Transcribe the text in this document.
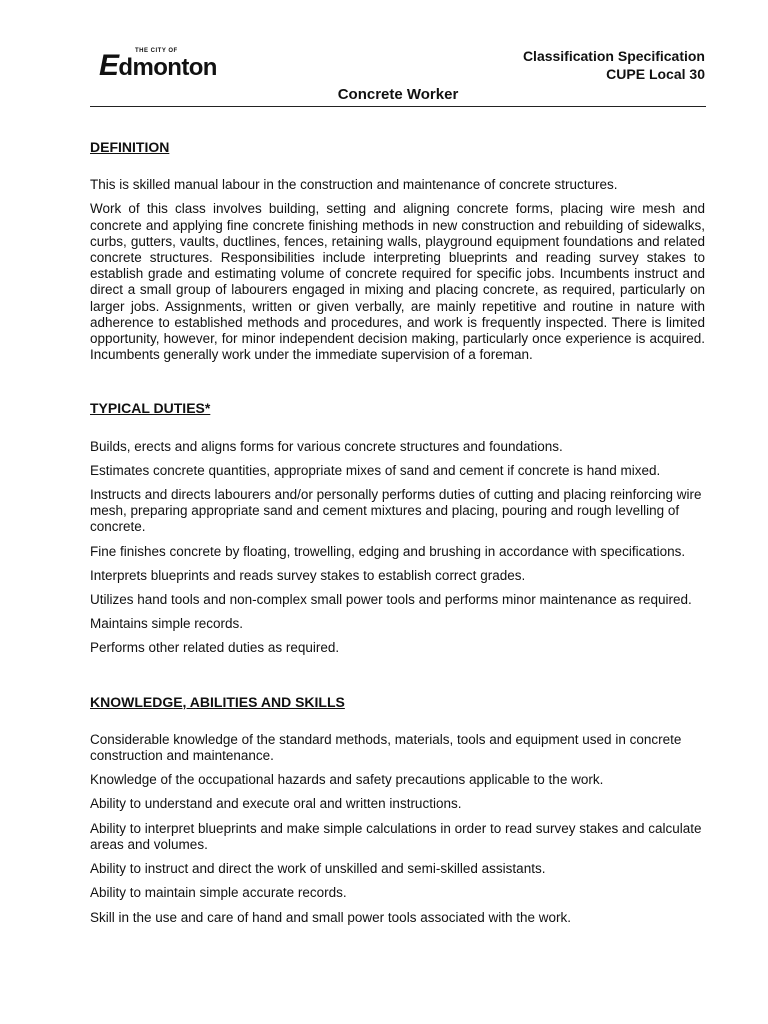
THE CITY OF
Edmonton	Classification Specification
CUPE Local 30
Concrete Worker
DEFINITION

This is skilled manual labour in the construction and maintenance of concrete structures.

Work of this class involves building, setting and aligning concrete forms, placing wire mesh and concrete and applying fine concrete finishing methods in new construction and rebuilding of sidewalks, curbs, gutters, vaults, ductlines, fences, retaining walls, playground equipment foundations and related concrete structures. Responsibilities include interpreting blueprints and reading survey stakes to establish grade and estimating volume of concrete required for specific jobs. Incumbents instruct and direct a small group of labourers engaged in mixing and placing concrete, as required, particularly on larger jobs. Assignments, written or given verbally, are mainly repetitive and routine in nature with adherence to established methods and procedures, and work is frequently inspected. There is limited opportunity, however, for minor independent decision making, particularly once experience is acquired. Incumbents generally work under the immediate supervision of a foreman.

TYPICAL DUTIES*

Builds, erects and aligns forms for various concrete structures and foundations.

Estimates concrete quantities, appropriate mixes of sand and cement if concrete is hand mixed.

Instructs and directs labourers and/or personally performs duties of cutting and placing reinforcing wire mesh, preparing appropriate sand and cement mixtures and placing, pouring and rough levelling of concrete.

Fine finishes concrete by floating, trowelling, edging and brushing in accordance with specifications.

Interprets blueprints and reads survey stakes to establish correct grades.

Utilizes hand tools and non-complex small power tools and performs minor maintenance as required.

Maintains simple records.

Performs other related duties as required.

KNOWLEDGE, ABILITIES AND SKILLS

Considerable knowledge of the standard methods, materials, tools and equipment used in concrete construction and maintenance.

Knowledge of the occupational hazards and safety precautions applicable to the work.

Ability to understand and execute oral and written instructions.

Ability to interpret blueprints and make simple calculations in order to read survey stakes and calculate areas and volumes.

Ability to instruct and direct the work of unskilled and semi-skilled assistants.

Ability to maintain simple accurate records.

Skill in the use and care of hand and small power tools associated with the work.
